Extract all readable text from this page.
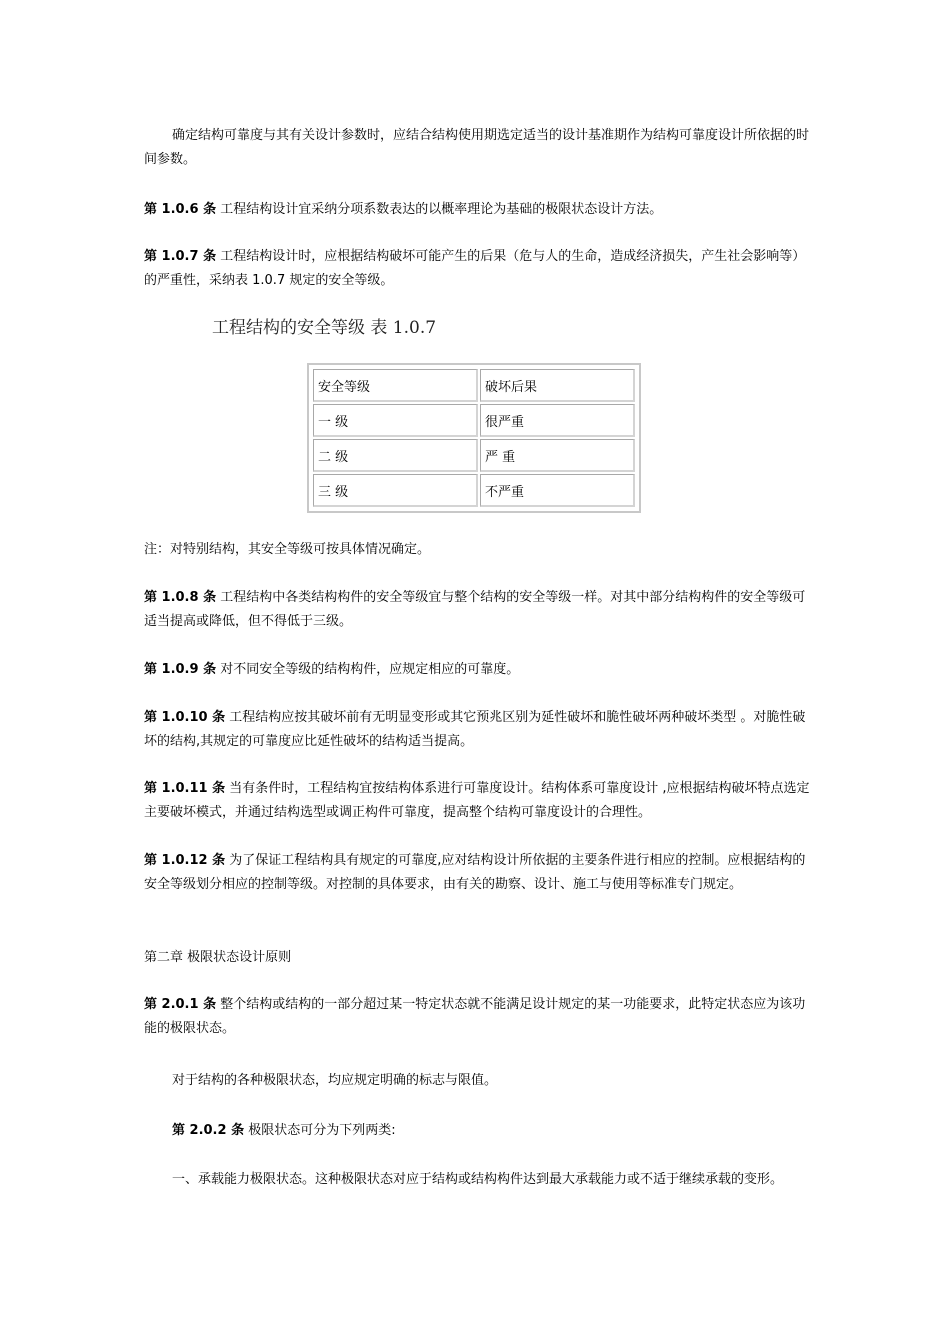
确定结构可靠度与其有关设计参数时，应结合结构使用期选定适当的设计基准期作为结构可靠度设计所依据的时间参数。
第 1.0.6 条 工程结构设计宜采纳分项系数表达的以概率理论为基础的极限状态设计方法。
第 1.0.7 条 工程结构设计时，应根据结构破坏可能产生的后果（危与人的生命，造成经济损失，产生社会影响等）的严重性，采纳表 1.0.7 规定的安全等级。
工程结构的安全等级 表 1.0.7
安全等级	破坏后果
一 级	很严重
二 级	严 重
三 级	不严重
注：对特别结构，其安全等级可按具体情况确定。
第 1.0.8 条 工程结构中各类结构构件的安全等级宜与整个结构的安全等级一样。对其中部分结构构件的安全等级可适当提高或降低，但不得低于三级。
第 1.0.9 条 对不同安全等级的结构构件，应规定相应的可靠度。
第 1.0.10 条 工程结构应按其破坏前有无明显变形或其它预兆区别为延性破坏和脆性破坏两种破坏类型 。对脆性破坏的结构,其规定的可靠度应比延性破坏的结构适当提高。
第 1.0.11 条 当有条件时，工程结构宜按结构体系进行可靠度设计。结构体系可靠度设计 ,应根据结构破坏特点选定主要破坏模式，并通过结构选型或调正构件可靠度，提高整个结构可靠度设计的合理性。
第 1.0.12 条 为了保证工程结构具有规定的可靠度,应对结构设计所依据的主要条件进行相应的控制。应根据结构的安全等级划分相应的控制等级。对控制的具体要求，由有关的勘察、设计、施工与使用等标准专门规定。
第二章 极限状态设计原则
第 2.0.1 条 整个结构或结构的一部分超过某一特定状态就不能满足设计规定的某一功能要求，此特定状态应为该功能的极限状态。
对于结构的各种极限状态，均应规定明确的标志与限值。
第 2.0.2 条 极限状态可分为下列两类:
一、承载能力极限状态。这种极限状态对应于结构或结构构件达到最大承载能力或不适于继续承载的变形。
